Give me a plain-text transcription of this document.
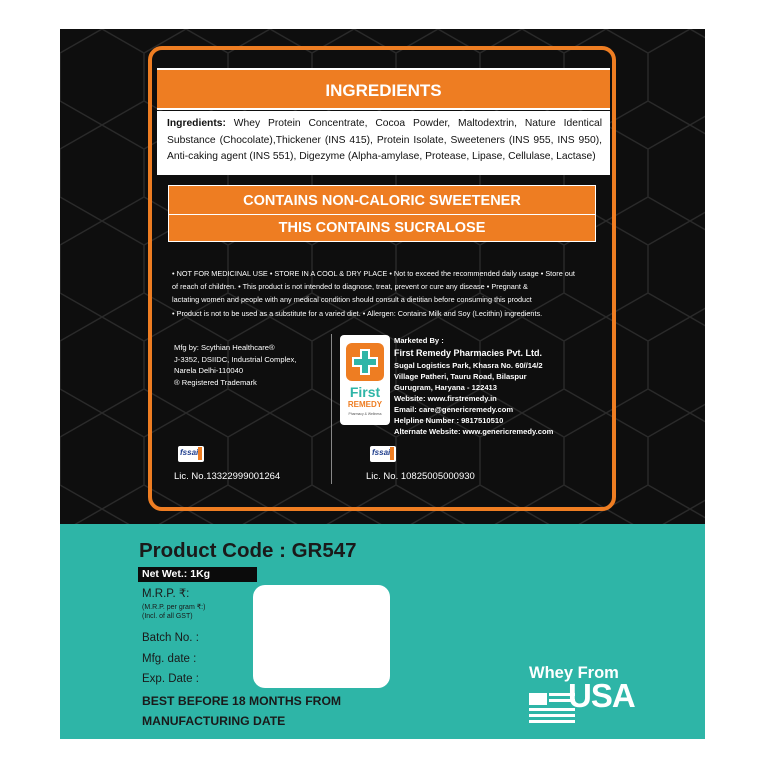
INGREDIENTS
Ingredients: Whey Protein Concentrate, Cocoa Powder, Maltodextrin, Nature Identical Substance (Chocolate),Thickener (INS 415), Protein Isolate, Sweeteners (INS 955, INS 950), Anti-caking agent (INS 551), Digezyme (Alpha-amylase, Protease, Lipase, Cellulase, Lactase)
CONTAINS NON-CALORIC SWEETENER
THIS CONTAINS SUCRALOSE
• NOT FOR MEDICINAL USE • STORE IN A COOL & DRY PLACE • Not to exceed the recommended daily usage • Store out
of reach of children. • This product is not intended to diagnose, treat, prevent or cure any disease • Pregnant &
lactating women and people with any medical condition should consult a dietitian before consuming this product
• Product is not to be used as a substitute for a varied diet. • Allergen: Contains Milk and Soy (Lecithin) ingredients.
Mfg by: Scythian Healthcare®
J-3352, DSIIDC, Industrial Complex,
Narela Delhi-110040
® Registered Trademark
fssai
Lic. No.13322999001264
First
REMEDY
Pharmacy & Wellness
Marketed By :
First Remedy Pharmacies Pvt. Ltd.
Sugal Logistics Park, Khasra No. 60//14/2
Village Patheri, Tauru Road, Bilaspur
Gurugram, Haryana - 122413
Website: www.firstremedy.in
Email: care@genericremedy.com
Helpline Number : 9817510510
Alternate Website: www.genericremedy.com
fssai
Lic. No. 10825005000930
Product Code : GR547
Net Wet.: 1Kg
M.R.P. ₹:
(M.R.P. per gram ₹:)
(Incl. of all GST)
Batch No. :
Mfg. date :
Exp. Date :
BEST BEFORE 18 MONTHS FROM
MANUFACTURING DATE
Whey From
USA
